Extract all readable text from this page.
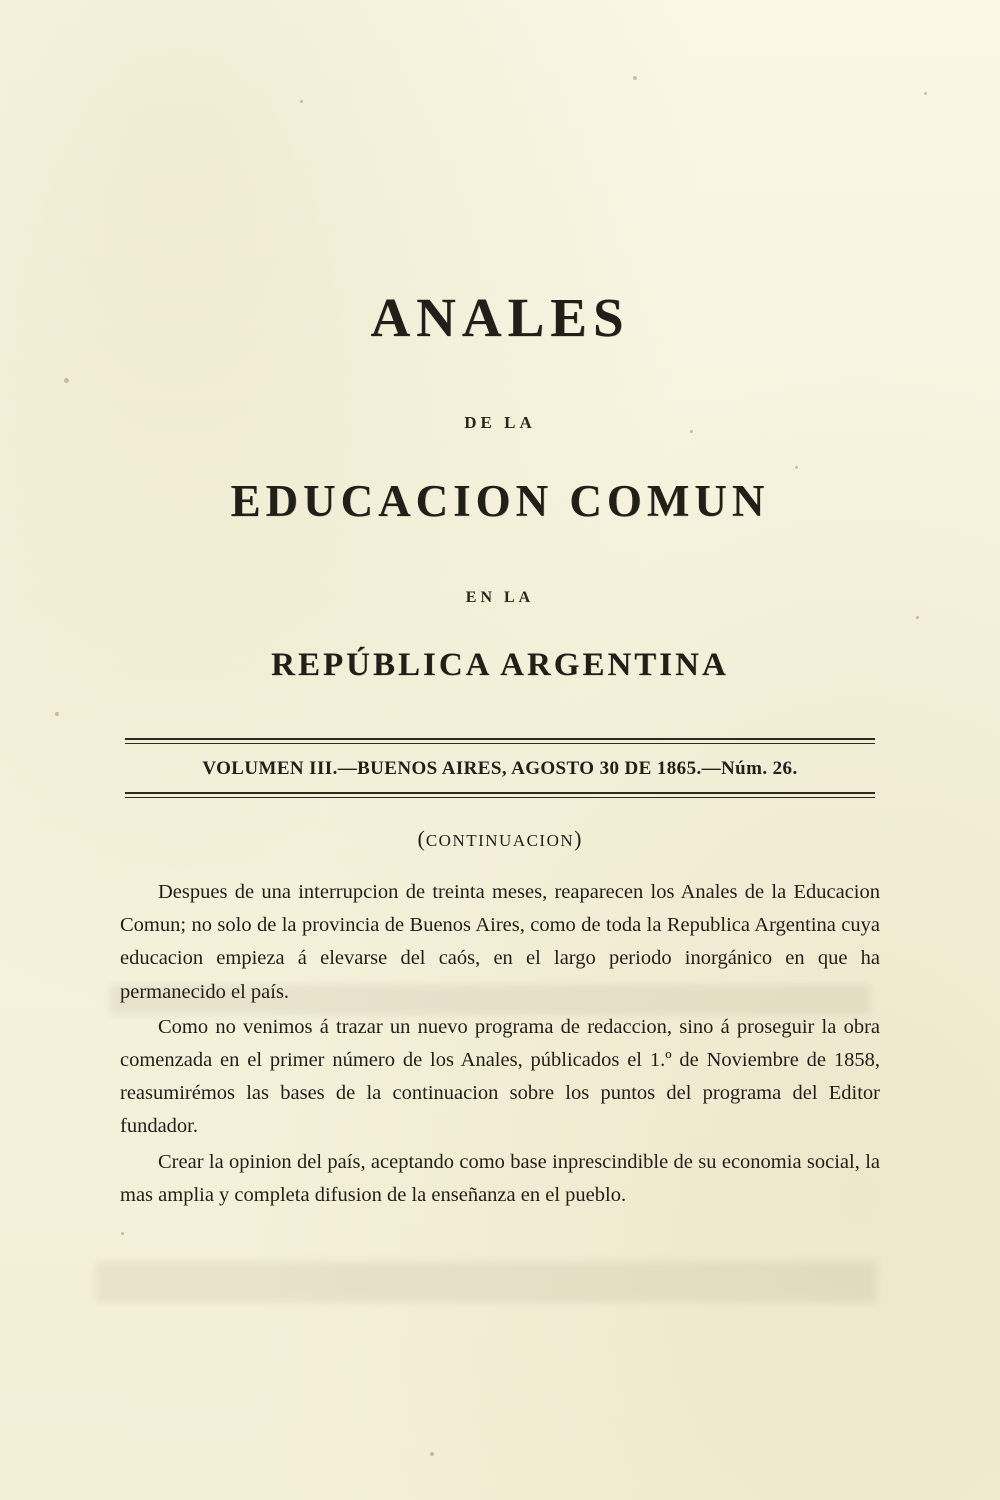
ANALES
DE LA
EDUCACION COMUN
EN LA
REPÚBLICA ARGENTINA
VOLUMEN III.—BUENOS AIRES, AGOSTO 30 DE 1865.—Núm. 26.
(CONTINUACION)

Despues de una interrupcion de treinta meses, reaparecen los Anales de la Educacion Comun; no solo de la provincia de Buenos Aires, como de toda la Republica Argentina cuya educacion empieza á elevarse del caós, en el largo periodo inorgánico en que ha permanecido el país.

Como no venimos á trazar un nuevo programa de redaccion, sino á proseguir la obra comenzada en el primer número de los Anales, públicados el 1.º de Noviembre de 1858, reasumirémos las bases de la continuacion sobre los puntos del programa del Editor fundador.

Crear la opinion del país, aceptando como base inprescindible de su economia social, la mas amplia y completa difusion de la enseñanza en el pueblo.
